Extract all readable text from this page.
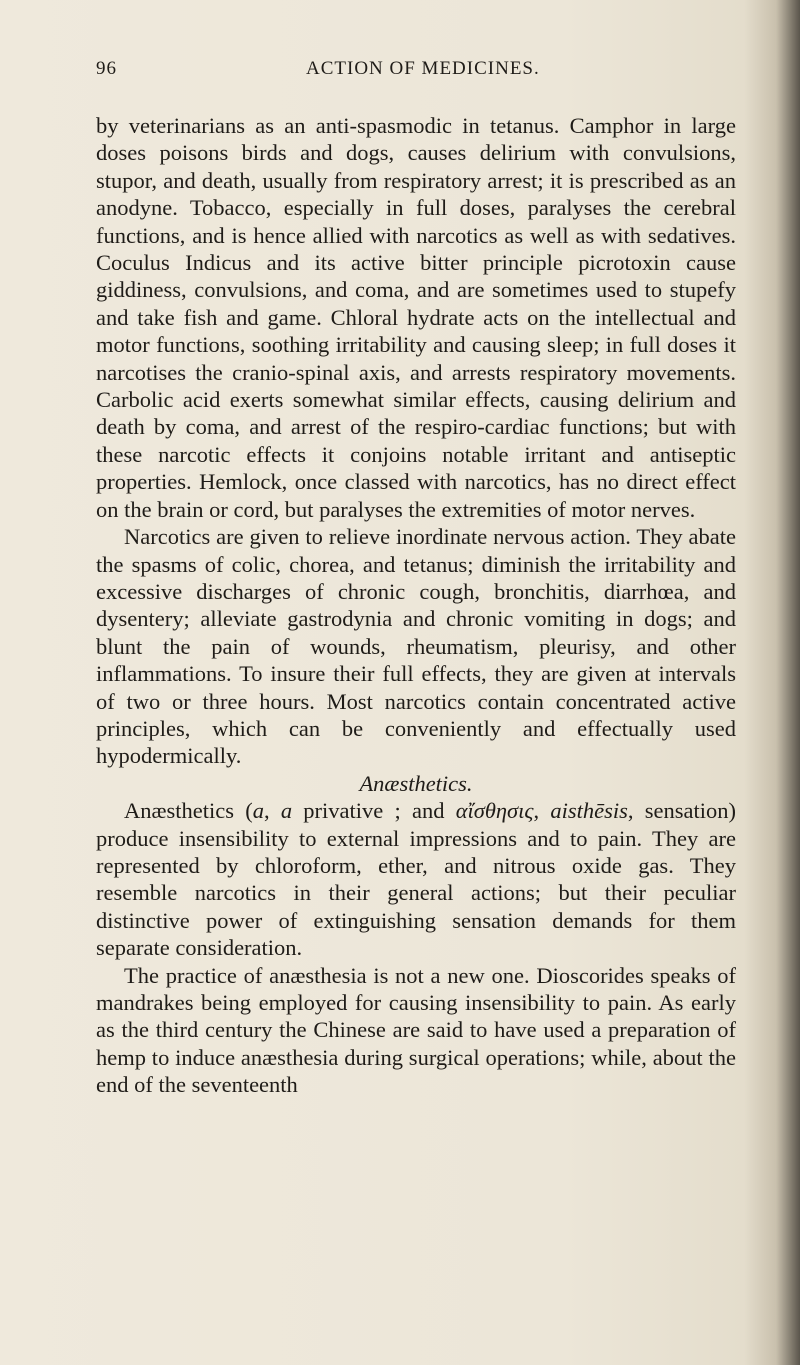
96	ACTION OF MEDICINES.

by veterinarians as an anti-spasmodic in tetanus. Camphor in large doses poisons birds and dogs, causes delirium with convulsions, stupor, and death, usually from respiratory arrest; it is prescribed as an anodyne. Tobacco, especially in full doses, paralyses the cerebral functions, and is hence allied with narcotics as well as with sedatives. Coculus Indicus and its active bitter principle picrotoxin cause giddiness, convulsions, and coma, and are sometimes used to stupefy and take fish and game. Chloral hydrate acts on the intellectual and motor functions, soothing irritability and causing sleep; in full doses it narcotises the cranio-spinal axis, and arrests respiratory movements. Carbolic acid exerts somewhat similar effects, causing delirium and death by coma, and arrest of the respiro-cardiac functions; but with these narcotic effects it conjoins notable irritant and antiseptic properties. Hemlock, once classed with narcotics, has no direct effect on the brain or cord, but paralyses the extremities of motor nerves.

Narcotics are given to relieve inordinate nervous action. They abate the spasms of colic, chorea, and tetanus; diminish the irritability and excessive discharges of chronic cough, bronchitis, diarrhœa, and dysentery; alleviate gastrodynia and chronic vomiting in dogs; and blunt the pain of wounds, rheumatism, pleurisy, and other inflammations. To insure their full effects, they are given at intervals of two or three hours. Most narcotics contain concentrated active principles, which can be conveniently and effectually used hypodermically.

Anæsthetics.

Anæsthetics (a, a privative ; and αἴσθησις, aisthēsis, sensation) produce insensibility to external impressions and to pain. They are represented by chloroform, ether, and nitrous oxide gas. They resemble narcotics in their general actions; but their peculiar distinctive power of extinguishing sensation demands for them separate consideration.

The practice of anæsthesia is not a new one. Dioscorides speaks of mandrakes being employed for causing insensibility to pain. As early as the third century the Chinese are said to have used a preparation of hemp to induce anæsthesia during surgical operations; while, about the end of the seventeenth
